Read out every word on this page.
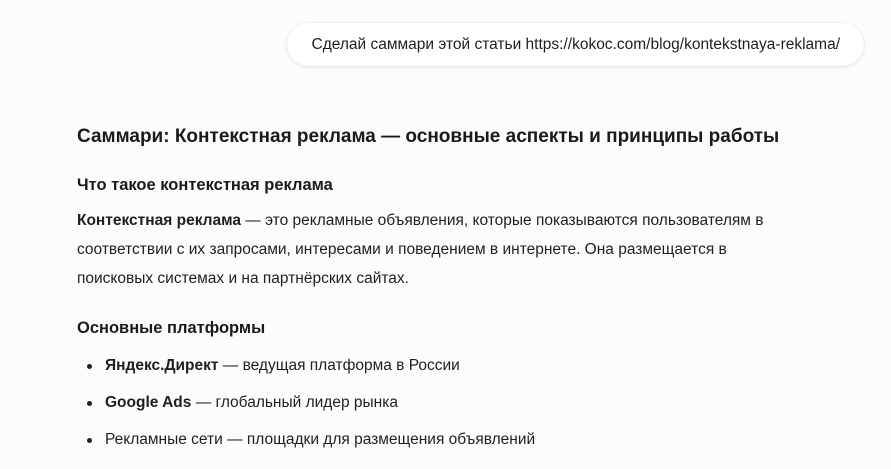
Сделай саммари этой статьи https://kokoc.com/blog/kontekstnaya-reklama/
Саммари: Контекстная реклама — основные аспекты и принципы работы
Что такое контекстная реклама

Контекстная реклама — это рекламные объявления, которые показываются пользователям в соответствии с их запросами, интересами и поведением в интернете. Она размещается в поисковых системах и на партнёрских сайтах.

Основные платформы
Яндекс.Директ — ведущая платформа в России
Google Ads — глобальный лидер рынка
Рекламные сети — площадки для размещения объявлений
